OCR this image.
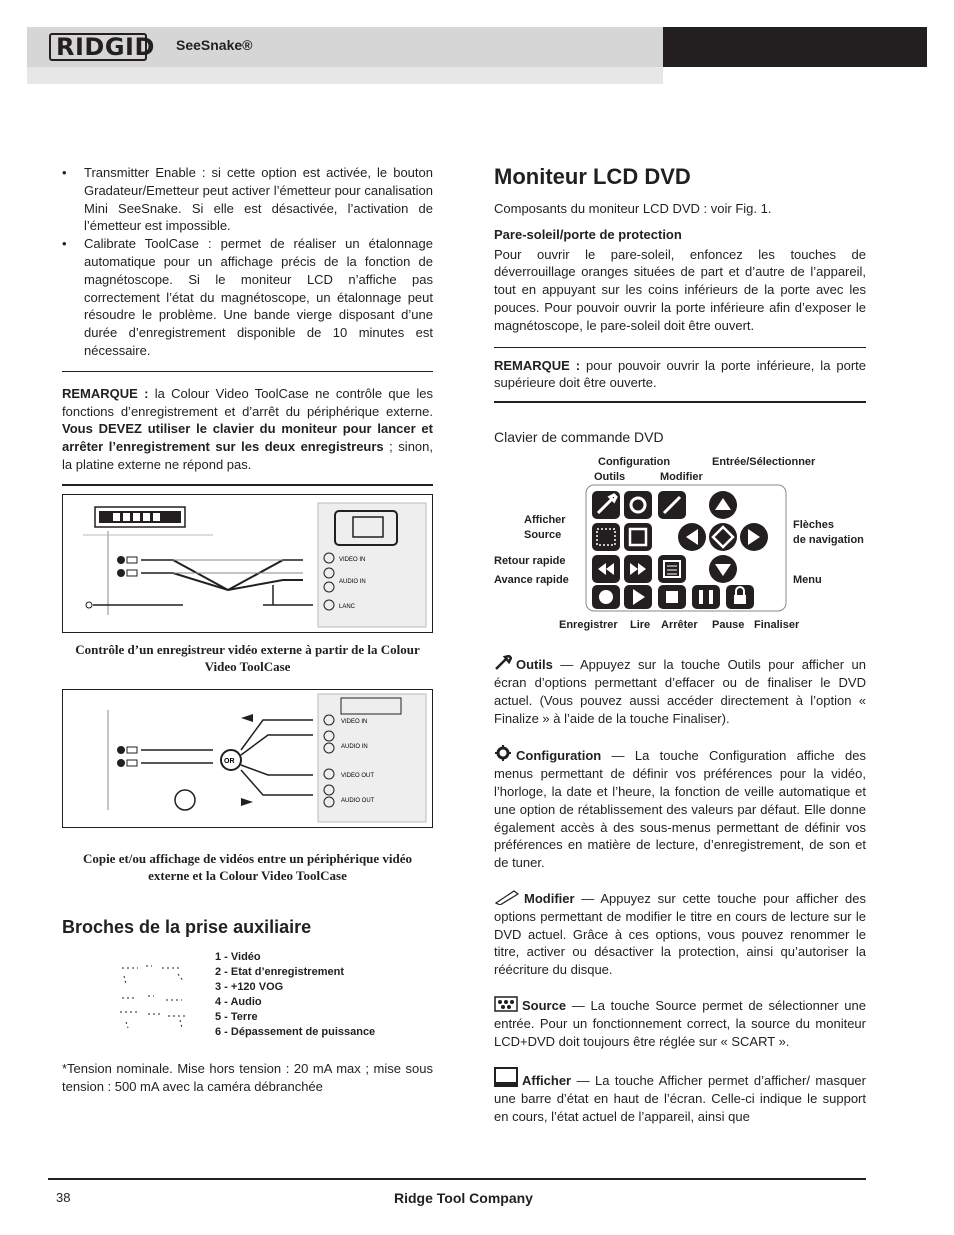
RIDGID SeeSnake®
• Transmitter Enable : si cette option est activée, le bouton Gradateur/Emetteur peut activer l’émetteur pour canalisation Mini SeeSnake. Si elle est désactivée, l’activation de l’émetteur est impossible.
• Calibrate ToolCase : permet de réaliser un étalonnage automatique pour un affichage précis de la fonction de magnétoscope. Si le moniteur LCD n’affiche pas correctement l’état du magnétoscope, un étalonnage peut résoudre le problème. Une bande vierge disposant d’une durée d’enregistrement disponible de 10 minutes est nécessaire.

REMARQUE : la Colour Video ToolCase ne contrôle que les fonctions d’enregistrement et d’arrêt du périphérique externe. Vous DEVEZ utiliser le clavier du moniteur pour lancer et arrêter l’enregistrement sur les deux enregistreurs ; sinon, la platine externe ne répond pas.

VIDEO IN
AUDIO IN
LANC

Contrôle d’un enregistreur vidéo externe à partir de la Colour Video ToolCase

OR
VIDEO IN
AUDIO IN
VIDEO OUT
AUDIO OUT

Copie et/ou affichage de vidéos entre un périphérique vidéo externe et la Colour Video ToolCase

Broches de la prise auxiliaire
1 - Vidéo
2 - Etat d’enregistrement
3 - +120 VOG
4 - Audio
5 - Terre
6 - Dépassement de puissance

*Tension nominale. Mise hors tension : 20 mA max ; mise sous tension : 500 mA avec la caméra débranchée

Moniteur LCD DVD

Composants du moniteur LCD DVD : voir Fig. 1.

Pare-soleil/porte de protection

Pour ouvrir le pare-soleil, enfoncez les touches de déverrouillage oranges situées de part et d’autre de l’appareil, tout en appuyant sur les coins inférieurs de la porte avec les pouces. Pour pouvoir ouvrir la porte inférieure afin d’exposer le magnétoscope, le pare-soleil doit être ouvert.

REMARQUE : pour pouvoir ouvrir la porte inférieure, la porte supérieure doit être ouverte.

Clavier de commande DVD

Configuration	Entrée/Sélectionner
Outils	Modifier
Afficher
Source
Flèches
de navigation
Retour rapide
Avance rapide	Menu
Enregistrer Lire Arrêter Pause Finaliser

Outils — Appuyez sur la touche Outils pour afficher un écran d’options permettant d’effacer ou de finaliser le DVD actuel. (Vous pouvez aussi accéder directement à l’option « Finalize » à l’aide de la touche Finaliser).

Configuration — La touche Configuration affiche des menus permettant de définir vos préférences pour la vidéo, l’horloge, la date et l’heure, la fonction de veille automatique et une option de rétablissement des valeurs par défaut. Elle donne également accès à des sous-menus permettant de définir vos préférences en matière de lecture, d’enregistrement, de son et de tuner.

Modifier — Appuyez sur cette touche pour afficher des options permettant de modifier le titre en cours de lecture sur le DVD actuel. Grâce à ces options, vous pouvez renommer le titre, activer ou désactiver la protection, ainsi qu’autoriser la réécriture du disque.

Source — La touche Source permet de sélectionner une entrée. Pour un fonctionnement correct, la source du moniteur LCD+DVD doit toujours être réglée sur « SCART ».

Afficher — La touche Afficher permet d’afficher/ masquer une barre d’état en haut de l’écran. Celle-ci indique le support en cours, l’état actuel de l’appareil, ainsi que

38	Ridge Tool Company
